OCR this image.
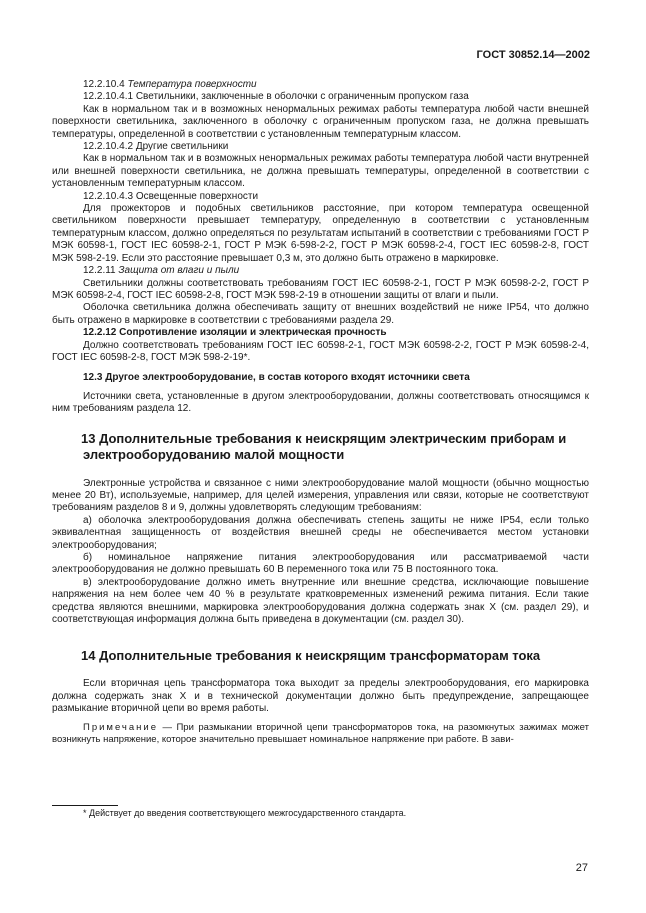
ГОСТ 30852.14—2002

12.2.10.4 Температура поверхности

12.2.10.4.1 Светильники, заключенные в оболочки с ограниченным пропуском газа

Как в нормальном так и в возможных ненормальных режимах работы температура любой части внешней поверхности светильника, заключенного в оболочку с ограниченным пропуском газа, не должна превышать температуры, определенной в соответствии с установленным температурным классом.

12.2.10.4.2 Другие светильники

Как в нормальном так и в возможных ненормальных режимах работы температура любой части внутренней или внешней поверхности светильника, не должна превышать температуры, определенной в соответствии с установленным температурным классом.

12.2.10.4.3 Освещенные поверхности

Для прожекторов и подобных светильников расстояние, при котором температура освещенной светильником поверхности превышает температуру, определенную в соответствии с установленным температурным классом, должно определяться по результатам испытаний в соответствии с требованиями ГОСТ Р МЭК 60598-1, ГОСТ IEC 60598-2-1, ГОСТ Р МЭК 6-598-2-2, ГОСТ Р МЭК 60598-2-4, ГОСТ IEC 60598-2-8, ГОСТ МЭК 598-2-19. Если это расстояние превышает 0,3 м, это должно быть отражено в маркировке.

12.2.11 Защита от влаги и пыли

Светильники должны соответствовать требованиям ГОСТ IEC 60598-2-1, ГОСТ Р МЭК 60598-2-2, ГОСТ Р МЭК 60598-2-4, ГОСТ IEC 60598-2-8, ГОСТ МЭК 598-2-19 в отношении защиты от влаги и пыли.

Оболочка светильника должна обеспечивать защиту от внешних воздействий не ниже IP54, что должно быть отражено в маркировке в соответствии с требованиями раздела 29.

12.2.12 Сопротивление изоляции и электрическая прочность

Должно соответствовать требованиям ГОСТ IEC 60598-2-1, ГОСТ МЭК 60598-2-2, ГОСТ Р МЭК 60598-2-4, ГОСТ IEC 60598-2-8, ГОСТ МЭК 598-2-19*.

12.3 Другое электрооборудование, в состав которого входят источники света

Источники света, установленные в другом электрооборудовании, должны соответствовать относящимся к ним требованиям раздела 12.

13 Дополнительные требования к неискрящим электрическим приборам и электрооборудованию малой мощности

Электронные устройства и связанное с ними электрооборудование малой мощности (обычно мощностью менее 20 Вт), используемые, например, для целей измерения, управления или связи, которые не соответствуют требованиям разделов 8 и 9, должны удовлетворять следующим требованиям:

а) оболочка электрооборудования должна обеспечивать степень защиты не ниже IP54, если только эквивалентная защищенность от воздействия внешней среды не обеспечивается местом установки электрооборудования;

б) номинальное напряжение питания электрооборудования или рассматриваемой части электрооборудования не должно превышать 60 В переменного тока или 75 В постоянного тока.

в) электрооборудование должно иметь внутренние или внешние средства, исключающие повышение напряжения на нем более чем 40 % в результате кратковременных изменений режима питания. Если такие средства являются внешними, маркировка электрооборудования должна содержать знак X (см. раздел 29), и соответствующая информация должна быть приведена в документации (см. раздел 30).

14 Дополнительные требования к неискрящим трансформаторам тока

Если вторичная цепь трансформатора тока выходит за пределы электрооборудования, его маркировка должна содержать знак X и в технической документации должно быть предупреждение, запрещающее размыкание вторичной цепи во время работы.

Примечание — При размыкании вторичной цепи трансформаторов тока, на разомкнутых зажимах может возникнуть напряжение, которое значительно превышает номинальное напряжение при работе. В зави-

* Действует до введения соответствующего межгосударственного стандарта.
27
